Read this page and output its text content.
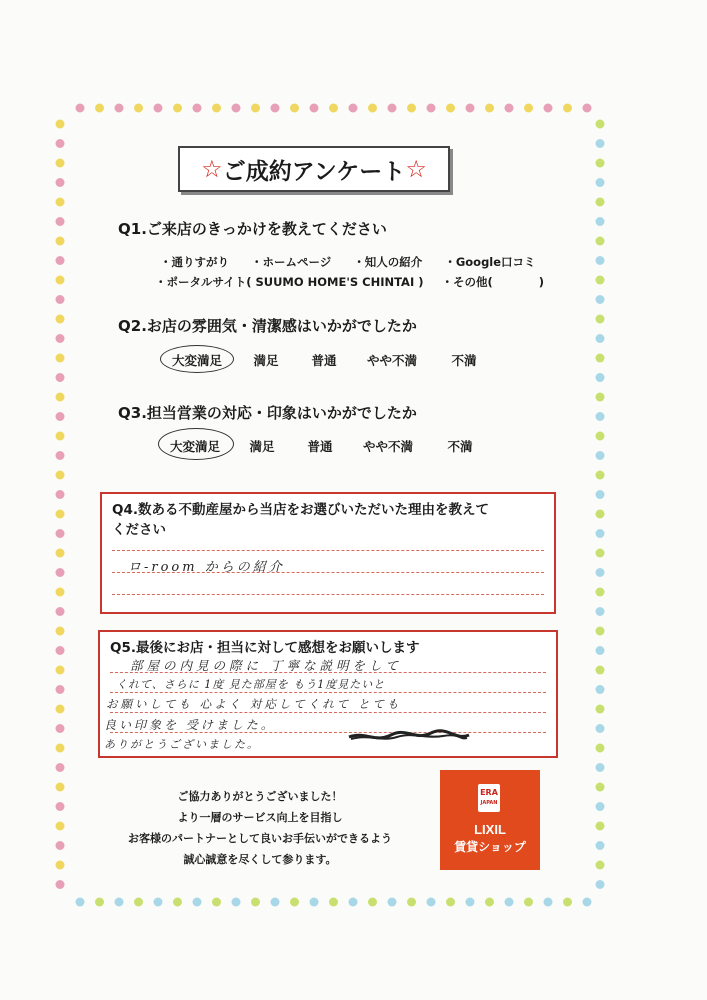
☆ ご成約アンケート ☆
Q1.ご来店のきっかけを教えてください
・通りすがり ・ホームページ ・知人の紹介 ・Google口コミ
・ポータルサイト( SUUMO HOME'S CHINTAI ) ・その他(　　　　)
Q2.お店の雰囲気・清潔感はいかがでしたか
大変満足	満足	普通	やや不満	不満
Q3.担当営業の対応・印象はいかがでしたか
大変満足	満足	普通	やや不満	不満
Q4.数ある不動産屋から当店をお選びいただいた理由を教えて
ください
ロ-room からの紹介
Q5.最後にお店・担当に対して感想をお願いします
部屋の内見の際に 丁寧な説明をして
くれて、さらに 1度 見た部屋を もう1度見たいと
お願いしても 心よく 対応してくれて とても
良い印象を 受けました。
ありがとうございました。
ご協力ありがとうございました！
より一層のサービス向上を目指し
お客様のパートナーとして良いお手伝いができるよう
誠心誠意を尽くして参ります。
ERA
JAPAN
LIXIL
賃貸ショップ
